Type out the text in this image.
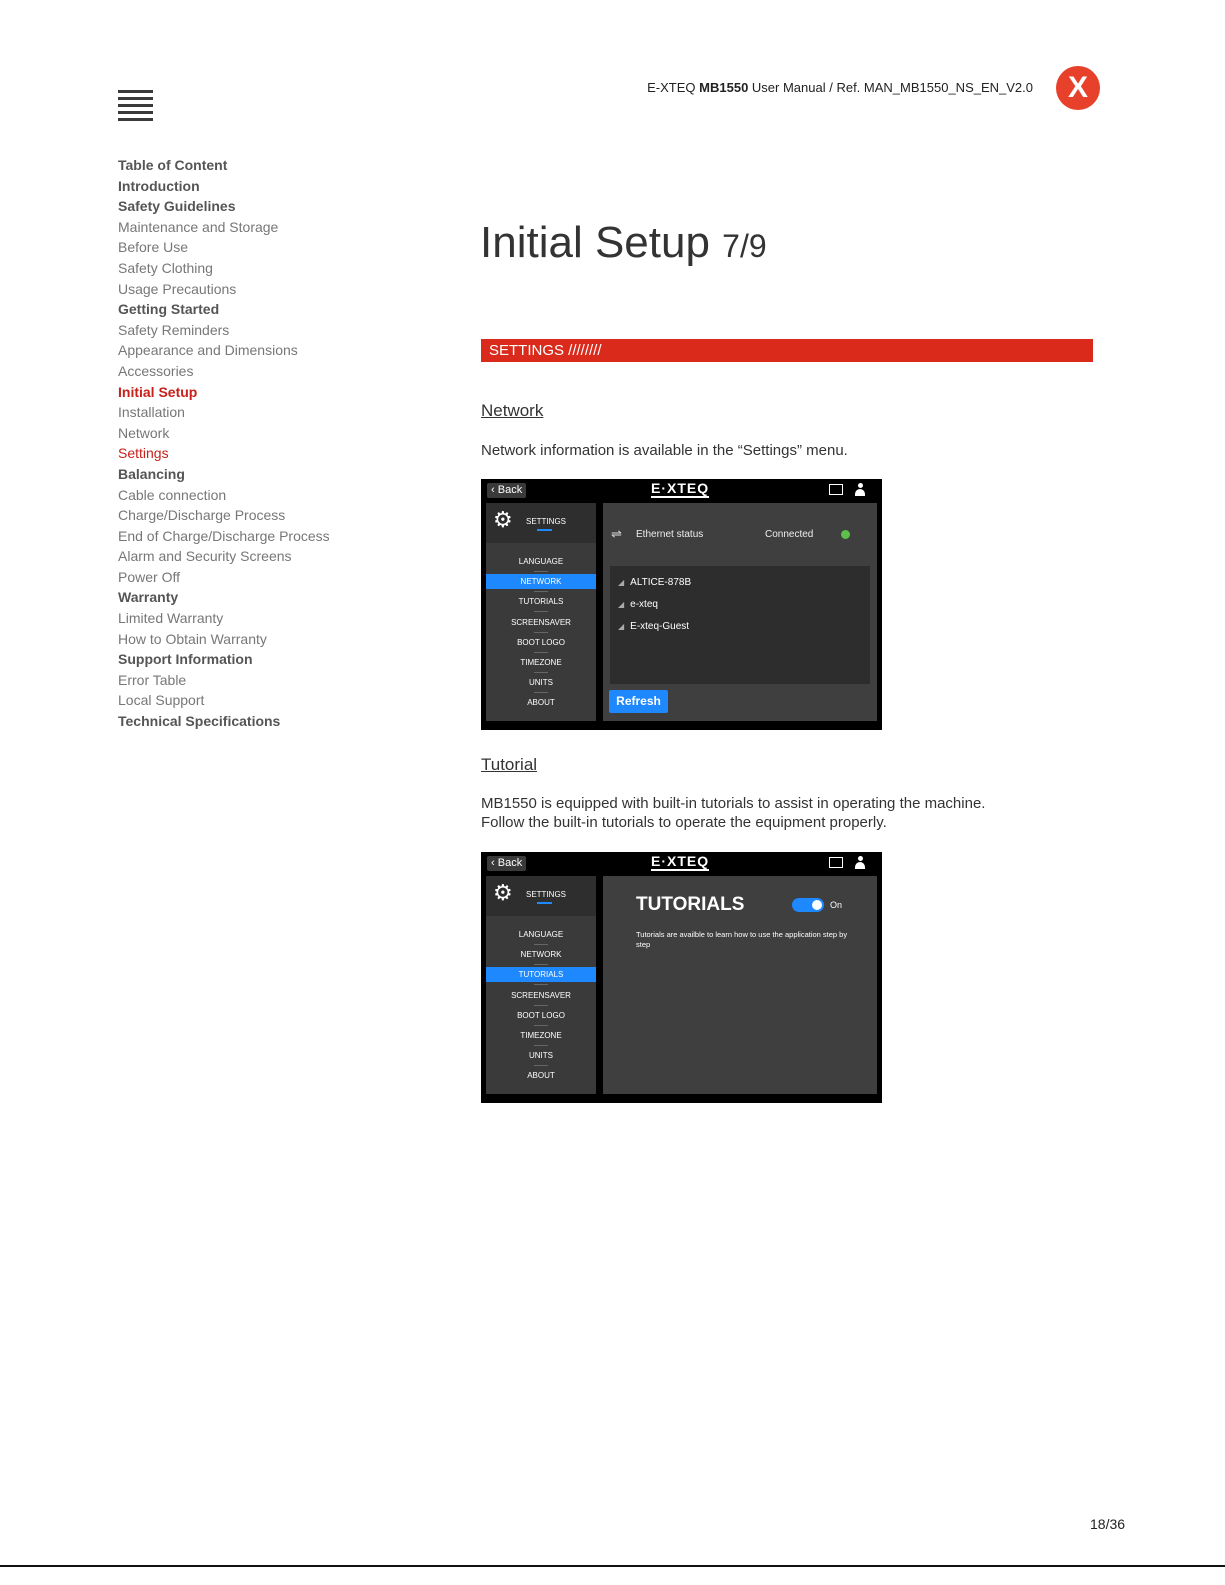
E-XTEQ MB1550 User Manual / Ref. MAN_MB1550_NS_EN_V2.0	X
Table of Content
Introduction
Safety Guidelines
Maintenance and Storage
Before Use
Safety Clothing
Usage Precautions
Getting Started
Safety Reminders
Appearance and Dimensions
Accessories
Initial Setup
Installation
Network
Settings
Balancing
Cable connection
Charge/Discharge Process
End of Charge/Discharge Process
Alarm and Security Screens
Power Off
Warranty
Limited Warranty
How to Obtain Warranty
Support Information
Error Table
Local Support
Technical Specifications
Initial Setup 7/9
SETTINGS ////////
Network
Network information is available in the “Settings” menu.
‹ Back	E·XTEQ
⚙ SETTINGS
LANGUAGE
NETWORK
TUTORIALS
SCREENSAVER
BOOT LOGO
TIMEZONE
UNITS
ABOUT
⇌ Ethernet status	Connected
◢ ALTICE-878B
◢ e-xteq
◢ E-xteq-Guest
Refresh
Tutorial
MB1550 is equipped with built-in tutorials to assist in operating the machine.
Follow the built-in tutorials to operate the equipment properly.
‹ Back	E·XTEQ
⚙ SETTINGS
LANGUAGE
NETWORK
TUTORIALS
SCREENSAVER
BOOT LOGO
TIMEZONE
UNITS
ABOUT
TUTORIALS	On
Tutorials are availble to learn how to use the application step by step
18/36
